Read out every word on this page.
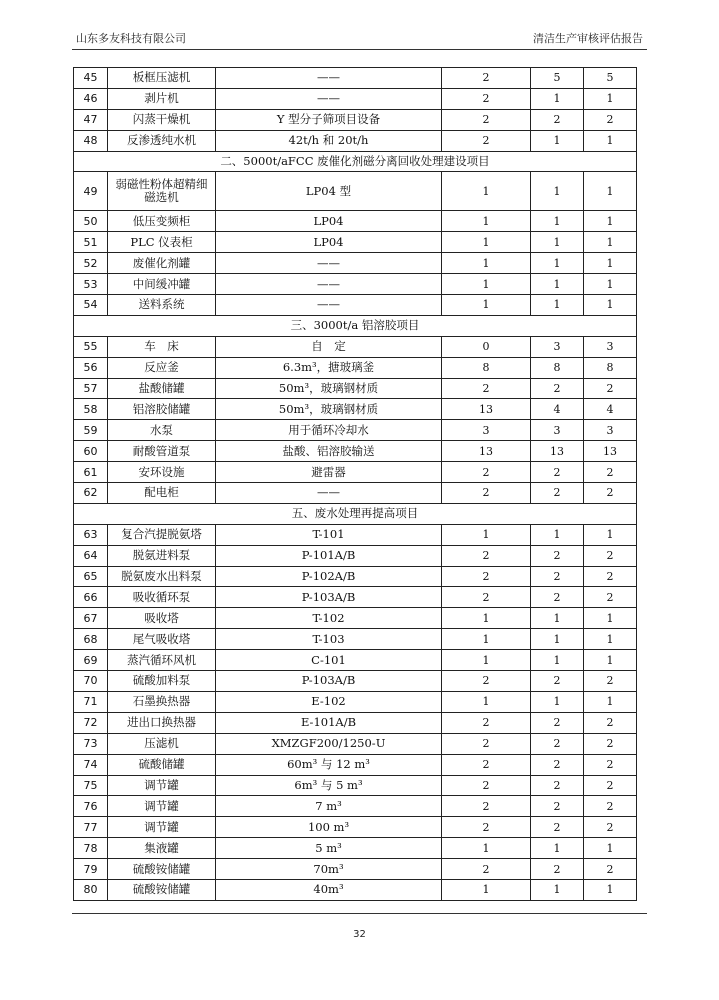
山东多友科技有限公司	清洁生产审核评估报告
45	板框压滤机	——	2	5	5
46	剥片机	——	2	1	1
47	闪蒸干燥机	Y 型分子筛项目设备	2	2	2
48	反渗透纯水机	42t/h 和 20t/h	2	1	1
二、5000t/aFCC 废催化剂磁分离回收处理建设项目					
49	弱磁性粉体超精细磁选机	LP04 型	1	1	1
50	低压变频柜	LP04	1	1	1
51	PLC 仪表柜	LP04	1	1	1
52	废催化剂罐	——	1	1	1
53	中间缓冲罐	——	1	1	1
54	送料系统	——	1	1	1
三、3000t/a 铝溶胶项目					
55	车　床	自　定	0	3	3
56	反应釜	6.3m³，搪玻璃釜	8	8	8
57	盐酸储罐	50m³，玻璃钢材质	2	2	2
58	铝溶胶储罐	50m³，玻璃钢材质	13	4	4
59	水泵	用于循环冷却水	3	3	3
60	耐酸管道泵	盐酸、铝溶胶输送	13	13	13
61	安环设施	避雷器	2	2	2
62	配电柜	——	2	2	2
五、废水处理再提高项目					
63	复合汽提脱氨塔	T-101	1	1	1
64	脱氨进料泵	P-101A/B	2	2	2
65	脱氨废水出料泵	P-102A/B	2	2	2
66	吸收循环泵	P-103A/B	2	2	2
67	吸收塔	T-102	1	1	1
68	尾气吸收塔	T-103	1	1	1
69	蒸汽循环风机	C-101	1	1	1
70	硫酸加料泵	P-103A/B	2	2	2
71	石墨换热器	E-102	1	1	1
72	进出口换热器	E-101A/B	2	2	2
73	压滤机	XMZGF200/1250-U	2	2	2
74	硫酸储罐	60m³ 与 12 m³	2	2	2
75	调节罐	6m³ 与 5 m³	2	2	2
76	调节罐	7 m³	2	2	2
77	调节罐	100 m³	2	2	2
78	集液罐	5 m³	1	1	1
79	硫酸铵储罐	70m³	2	2	2
80	硫酸铵储罐	40m³	1	1	1
32
